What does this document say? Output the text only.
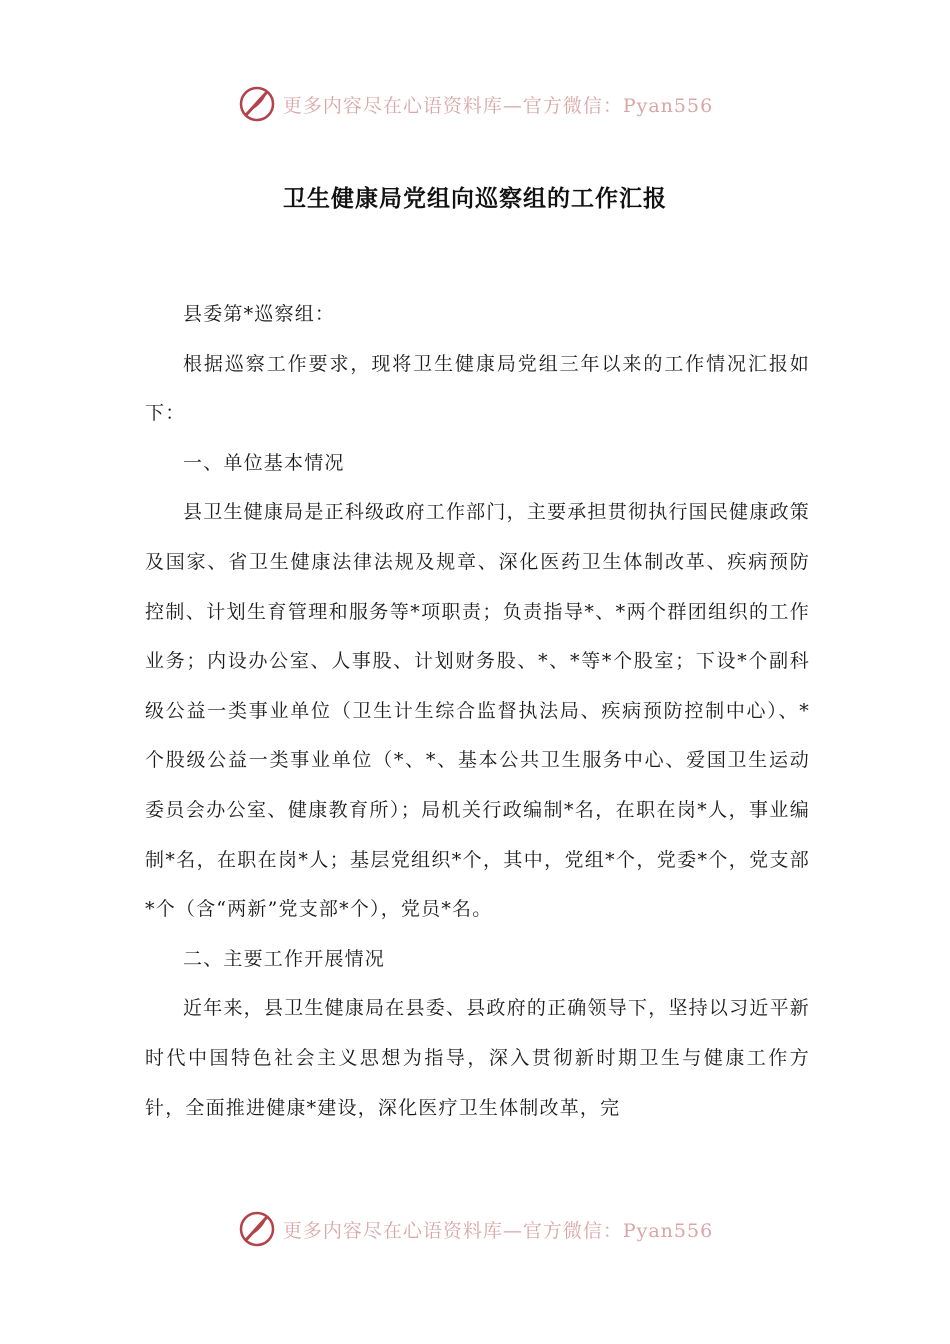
更多内容尽在心语资料库—官方微信：Pyan556
卫生健康局党组向巡察组的工作汇报

县委第*巡察组：

根据巡察工作要求，现将卫生健康局党组三年以来的工作情况汇报如下：

一、单位基本情况

县卫生健康局是正科级政府工作部门，主要承担贯彻执行国民健康政策及国家、省卫生健康法律法规及规章、深化医药卫生体制改革、疾病预防控制、计划生育管理和服务等*项职责；负责指导*、*两个群团组织的工作业务；内设办公室、人事股、计划财务股、*、*等*个股室；下设*个副科级公益一类事业单位（卫生计生综合监督执法局、疾病预防控制中心）、*个股级公益一类事业单位（*、*、基本公共卫生服务中心、爱国卫生运动委员会办公室、健康教育所）；局机关行政编制*名，在职在岗*人，事业编制*名，在职在岗*人；基层党组织*个，其中，党组*个，党委*个，党支部*个（含“两新”党支部*个），党员*名。

二、主要工作开展情况

近年来，县卫生健康局在县委、县政府的正确领导下，坚持以习近平新时代中国特色社会主义思想为指导，深入贯彻新时期卫生与健康工作方针，全面推进健康*建设，深化医疗卫生体制改革，完

更多内容尽在心语资料库—官方微信：Pyan556
